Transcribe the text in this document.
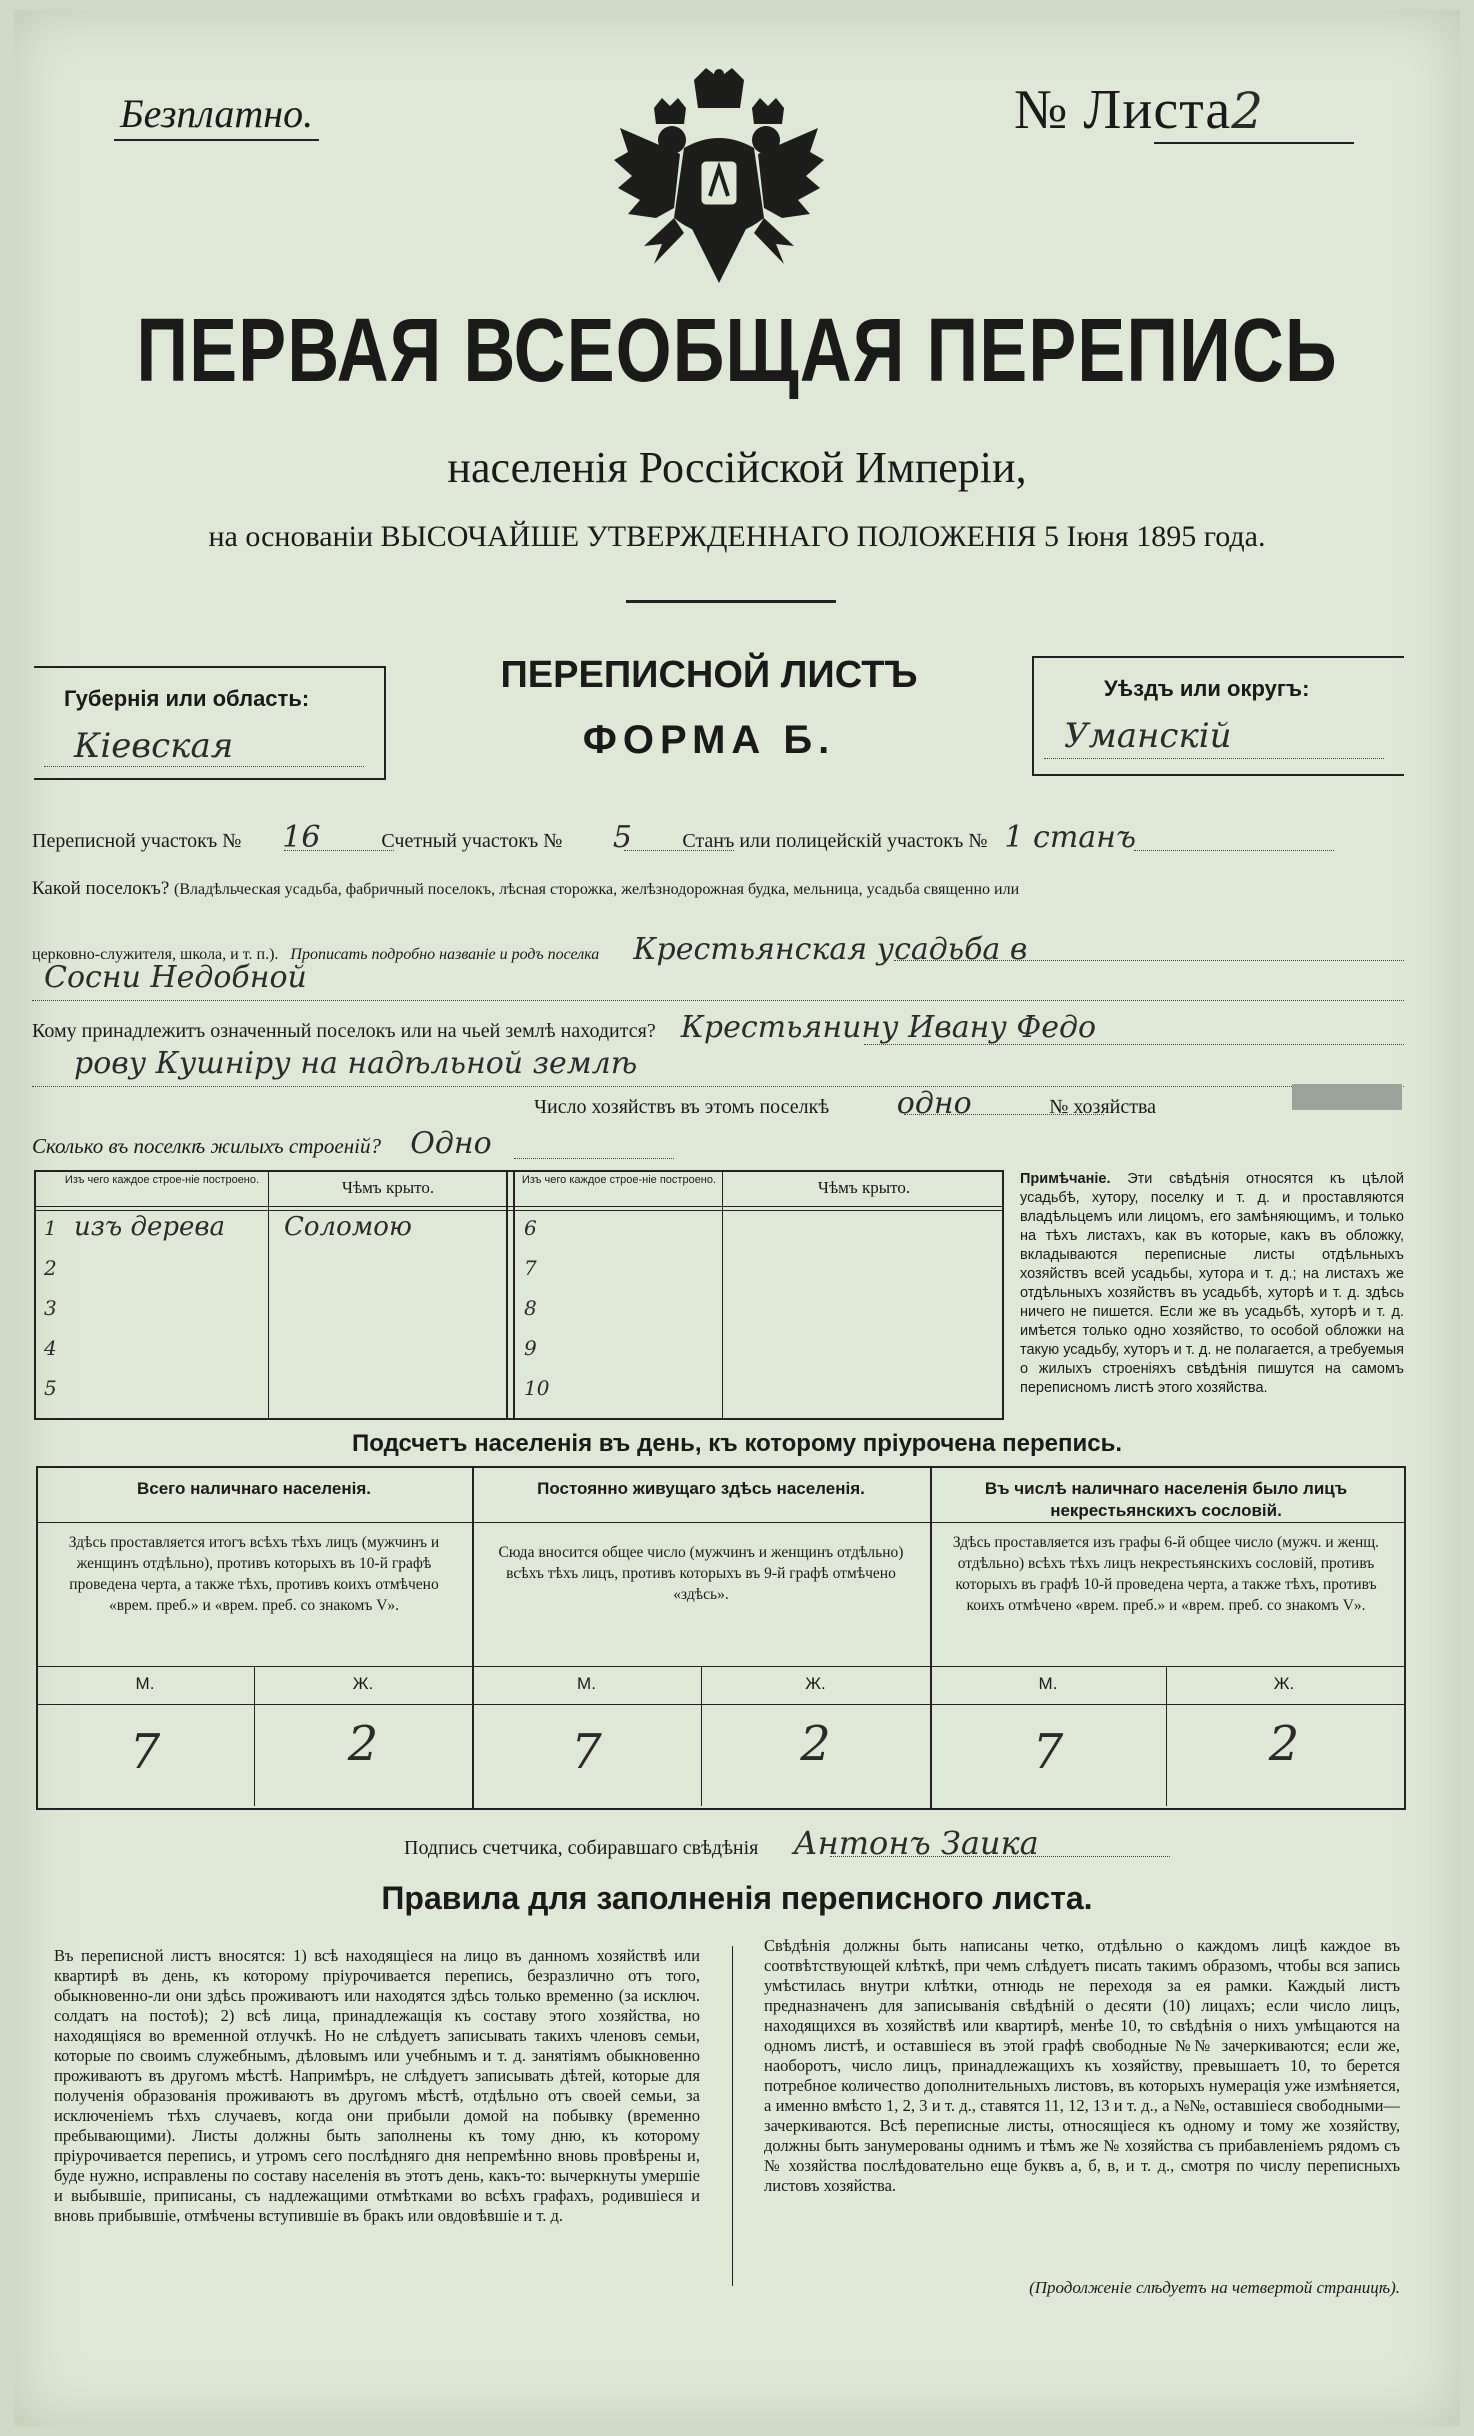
Безплатно.	№ Листа2
ПЕРВАЯ ВСЕОБЩАЯ ПЕРЕПИСЬ
населенія Россійской Имперіи,
на основаніи ВЫСОЧАЙШЕ УТВЕРЖДЕННАГО ПОЛОЖЕНІЯ 5 Іюня 1895 года.
Губернія или область:
Кіевская
ПЕРЕПИСНОЙ ЛИСТЪ
ФОРМА Б.
Уѣздъ или округъ:
Уманскій
Переписной участокъ № 16	Счетный участокъ № 5	Станъ или полицейскій участокъ № 1 станъ
Какой поселокъ? (Владѣльческая усадьба, фабричный поселокъ, лѣсная сторожка, желѣзнодорожная будка, мельница, усадьба священно или
церковно-служителя, школа, и т. п.). Прописать подробно названіе и родъ поселка Крестьянская усадьба в
Сосни Недобной
Кому принадлежитъ означенный поселокъ или на чьей землѣ находится? Крестьянину Ивану Федо
рову Кушніру на надѣльной землѣ
Число хозяйствъ въ этомъ поселкѣ одно	№ хозяйства
Сколько въ поселкѣ жилыхъ строеній? Одно
Изъ чего каждое строе-ніе построено.	Чѣмъ крыто.	Изъ чего каждое строе-ніе построено.	Чѣмъ крыто.
1 изъ дерева Соломою
2
3
4
5
6
7
8
9
10
Примѣчаніе. Эти свѣдѣнія относятся къ цѣлой усадьбѣ, хутору, поселку и т. д. и проставляются владѣльцемъ или лицомъ, его замѣняющимъ, и только на тѣхъ листахъ, как въ которые, какъ въ обложку, вкладываются переписные листы отдѣльныхъ хозяйствъ всей усадьбы, хутора и т. д.; на листахъ же отдѣльныхъ хозяйствъ въ усадьбѣ, хуторѣ и т. д. здѣсь ничего не пишется. Если же въ усадьбѣ, хуторѣ и т. д. имѣется только одно хозяйство, то особой обложки на такую усадьбу, хуторъ и т. д. не полагается, а требуемыя о жилыхъ строеніяхъ свѣдѣнія пишутся на самомъ переписномъ листѣ этого хозяйства.
Подсчетъ населенія въ день, къ которому пріурочена перепись.
Всего наличнаго населенія.
Здѣсь проставляется итогъ всѣхъ тѣхъ лицъ (мужчинъ и женщинъ отдѣльно), противъ которыхъ въ 10-й графѣ проведена черта, а также тѣхъ, противъ коихъ отмѣчено «врем. преб.» и «врем. преб. со знакомъ V».
М.	Ж.
7	2
Постоянно живущаго здѣсь населенія.
Сюда вносится общее число (мужчинъ и женщинъ отдѣльно) всѣхъ тѣхъ лицъ, противъ которыхъ въ 9-й графѣ отмѣчено «здѣсь».
М.	Ж.
7	2
Въ числѣ наличнаго населенія было лицъ некрестьянскихъ сословій.
Здѣсь проставляется изъ графы 6-й общее число (мужч. и женщ. отдѣльно) всѣхъ тѣхъ лицъ некрестьянскихъ сословій, противъ которыхъ въ графѣ 10-й проведена черта, а также тѣхъ, противъ коихъ отмѣчено «врем. преб.» и «врем. преб. со знакомъ V».
М.	Ж.
7	2
Подпись счетчика, собиравшаго свѣдѣнія Антонъ Заика
Правила для заполненія переписного листа.
Въ переписной листъ вносятся: 1) всѣ находящіеся на лицо въ данномъ хозяйствѣ или квартирѣ въ день, къ которому пріурочивается перепись, безразлично отъ того, обыкновенно-ли они здѣсь проживаютъ или находятся здѣсь только временно (за исключ. солдатъ на постоѣ); 2) всѣ лица, принадлежащія къ составу этого хозяйства, но находящіяся во временной отлучкѣ. Но не слѣдуетъ записывать такихъ членовъ семьи, которые по своимъ служебнымъ, дѣловымъ или учебнымъ и т. д. занятіямъ обыкновенно проживаютъ въ другомъ мѣстѣ. Напримѣръ, не слѣдуетъ записывать дѣтей, которые для полученія образованія проживаютъ въ другомъ мѣстѣ, отдѣльно отъ своей семьи, за исключеніемъ тѣхъ случаевъ, когда они прибыли домой на побывку (временно пребывающими). Листы должны быть заполнены къ тому дню, къ которому пріурочивается перепись, и утромъ сего послѣдняго дня непремѣнно вновь провѣрены и, буде нужно, исправлены по составу населенія въ этотъ день, какъ-то: вычеркнуты умершіе и выбывшіе, приписаны, съ надлежащими отмѣтками во всѣхъ графахъ, родившіеся и вновь прибывшіе, отмѣчены вступившіе въ бракъ или овдовѣвшіе и т. д.
Свѣдѣнія должны быть написаны четко, отдѣльно о каждомъ лицѣ каждое въ соотвѣтствующей клѣткѣ, при чемъ слѣдуетъ писать такимъ образомъ, чтобы вся запись умѣстилась внутри клѣтки, отнюдь не переходя за ея рамки. Каждый листъ предназначенъ для записыванія свѣдѣній о десяти (10) лицахъ; если число лицъ, находящихся въ хозяйствѣ или квартирѣ, менѣе 10, то свѣдѣнія о нихъ умѣщаются на одномъ листѣ, и оставшіеся въ этой графѣ свободные №№ зачеркиваются; если же, наоборотъ, число лицъ, принадлежащихъ къ хозяйству, превышаетъ 10, то берется потребное количество дополнительныхъ листовъ, въ которыхъ нумерація уже измѣняется, а именно вмѣсто 1, 2, 3 и т. д., ставятся 11, 12, 13 и т. д., а №№, оставшіеся свободными—зачеркиваются. Всѣ переписные листы, относящіеся къ одному и тому же хозяйству, должны быть занумерованы однимъ и тѣмъ же № хозяйства съ прибавленіемъ рядомъ съ № хозяйства послѣдовательно еще буквъ а, б, в, и т. д., смотря по числу переписныхъ листовъ хозяйства.
(Продолженіе слѣдуетъ на четвертой страницѣ).
